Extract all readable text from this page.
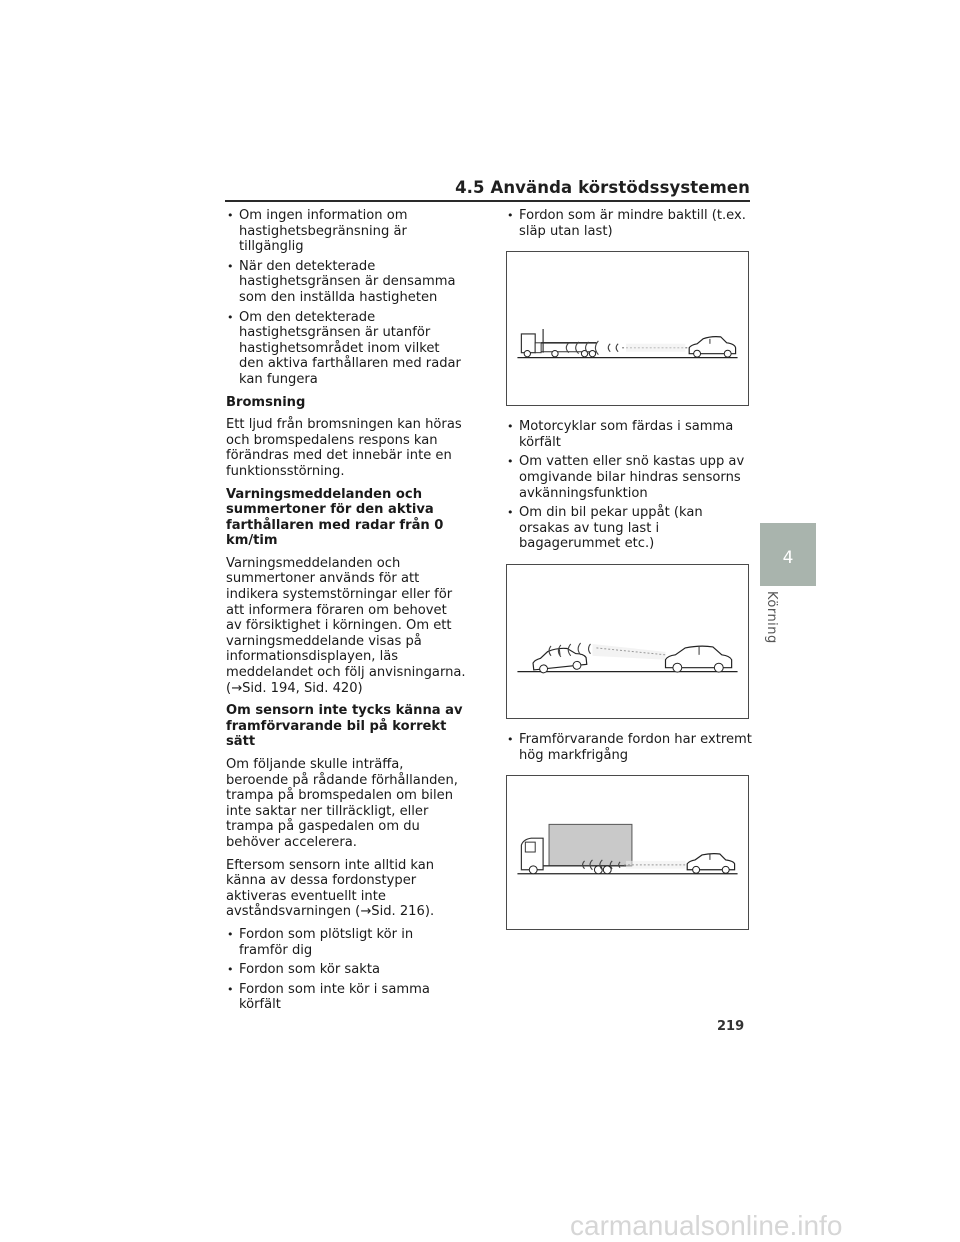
4.5 Använda körstödssystemen
• Om ingen information om hastighetsbegränsning är tillgänglig
• När den detekterade hastighetsgränsen är densamma som den inställda hastigheten
• Om den detekterade hastighetsgränsen är utanför hastighetsområdet inom vilket den aktiva farthållaren med radar kan fungera
Bromsning

Ett ljud från bromsningen kan höras och bromspedalens respons kan förändras med det innebär inte en funktionsstörning.

Varningsmeddelanden och summertoner för den aktiva farthållaren med radar från 0 km/tim

Varningsmeddelanden och summertoner används för att indikera systemstörningar eller för att informera föraren om behovet av försiktighet i körningen. Om ett varningsmeddelande visas på informationsdisplayen, läs meddelandet och följ anvisningarna. (→Sid. 194, Sid. 420)

Om sensorn inte tycks känna av framförvarande bil på korrekt sätt

Om följande skulle inträffa, beroende på rådande förhållanden, trampa på bromspedalen om bilen inte saktar ner tillräckligt, eller trampa på gaspedalen om du behöver accelerera.

Eftersom sensorn inte alltid kan känna av dessa fordonstyper aktiveras eventuellt inte avståndsvarningen (→Sid. 216).

• Fordon som plötsligt kör in framför dig
• Fordon som kör sakta
• Fordon som inte kör i samma körfält
• Fordon som är mindre baktill (t.ex. släp utan last)
• Motorcyklar som färdas i samma körfält
• Om vatten eller snö kastas upp av omgivande bilar hindras sensorns avkänningsfunktion
• Om din bil pekar uppåt (kan orsakas av tung last i bagagerummet etc.)
• Framförvarande fordon har extremt hög markfrigång
4
Körning
219
carmanualsonline.info
